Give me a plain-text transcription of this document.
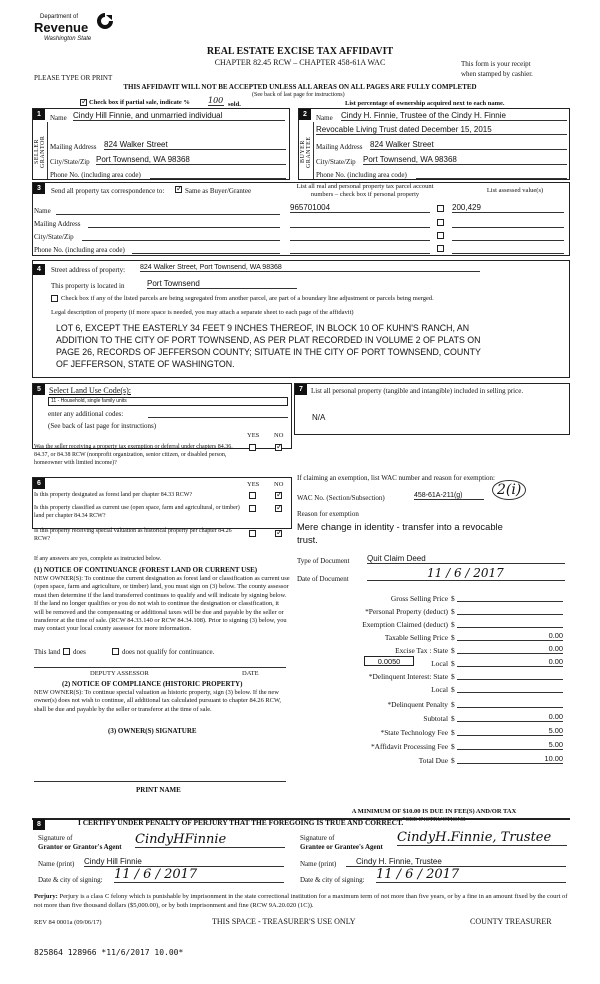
Department of
Revenue
Washington State
REAL ESTATE EXCISE TAX AFFIDAVIT
CHAPTER 82.45 RCW – CHAPTER 458-61A WAC
PLEASE TYPE OR PRINT
This form is your receipt
when stamped by cashier.
THIS AFFIDAVIT WILL NOT BE ACCEPTED UNLESS ALL AREAS ON ALL PAGES ARE FULLY COMPLETED
(See back of last page for instructions)
✓
Check box if partial sale, indicate % 100 sold.	List percentage of ownership acquired next to each name.
1	2
SELLER GRANTOR	BUYER GRANTEE
Name Cindy Hill Finnie, and unmarried individual
Mailing Address 824 Walker Street
City/State/Zip Port Townsend, WA 98368
Phone No. (including area code)
Name Cindy H. Finnie, Trustee of the Cindy H. Finnie
Revocable Living Trust dated December 15, 2015
Mailing Address 824 Walker Street
City/State/Zip Port Townsend, WA 98368
Phone No. (including area code)
3	Send all property tax correspondence to:
✓	Same as Buyer/Grantee
List all real and personal property tax parcel account
numbers – check box if personal property
List assessed value(s)
Name
Mailing Address
City/State/Zip
Phone No. (including area code)
965701004	200,429
4	Street address of property: 824 Walker Street, Port Townsend, WA 98368
This property is located in	Port Townsend
Check box if any of the listed parcels are being segregated from another parcel, are part of a boundary line adjustment or parcels being merged.
Legal description of property (if more space is needed, you may attach a separate sheet to each page of the affidavit)
LOT 6, EXCEPT THE EASTERLY 34 FEET 9 INCHES THEREOF, IN BLOCK 10 OF KUHN'S RANCH, AN
ADDITION TO THE CITY OF PORT TOWNSEND, AS PER PLAT RECORDED IN VOLUME 2 OF PLATS ON
PAGE 26, RECORDS OF JEFFERSON COUNTY; SITUATE IN THE CITY OF PORT TOWNSEND, COUNTY
OF JEFFERSON, STATE OF WASHINGTON.
5	Select Land Use Code(s):
11 - Household, single family units
enter any additional codes:
(See back of last page for instructions)
YES NO
Was the seller receiving a property tax exemption or deferral under chapters 84.36, 84.37, or 84.38 RCW (nonprofit organization, senior citizen, or disabled person, homeowner with limited income)?
✓
6	YES NO
Is this property designated as forest land per chapter 84.33 RCW?
✓
Is this property classified as current use (open space, farm and agricultural, or timber) land per chapter 84.34 RCW?
✓
Is this property receiving special valuation as historical property per chapter 84.26 RCW?
✓
If any answers are yes, complete as instructed below.
(1) NOTICE OF CONTINUANCE (FOREST LAND OR CURRENT USE)
NEW OWNER(S): To continue the current designation as forest land or classification as current use (open space, farm and agriculture, or timber) land, you must sign on (3) below. The county assessor must then determine if the land transferred continues to qualify and will indicate by signing below. If the land no longer qualifies or you do not wish to continue the designation or classification, it will be removed and the compensating or additional taxes will be due and payable by the seller or transferor at the time of sale. (RCW 84.33.140 or RCW 84.34.108). Prior to signing (3) below, you may contact your local county assessor for more information.
This land does	does not qualify for continuance.
DEPUTY ASSESSOR	DATE
(2) NOTICE OF COMPLIANCE (HISTORIC PROPERTY)
NEW OWNER(S): To continue special valuation as historic property, sign (3) below. If the new owner(s) does not wish to continue, all additional tax calculated pursuant to chapter 84.26 RCW, shall be due and payable by the seller or transferor at the time of sale.
(3) OWNER(S) SIGNATURE
PRINT NAME
7	List all personal property (tangible and intangible) included in selling price.
N/A
If claiming an exemption, list WAC number and reason for exemption:
WAC No. (Section/Subsection)	458-61A-211(g)	2(i)
Reason for exemption
Mere change in identity - transfer into a revocable
trust.
Type of Document Quit Claim Deed
Date of Document	11 / 6 / 2017
Gross Selling Price $
*Personal Property (deduct) $
Exemption Claimed (deduct) $
Taxable Selling Price $	0.00
Excise Tax : State $	0.00
Local $	0.00
0.0050
*Delinquent Interest: State $
Local $
*Delinquent Penalty $
Subtotal $	0.00
*State Technology Fee $	5.00
*Affidavit Processing Fee $	5.00
Total Due $	10.00
A MINIMUM OF $10.00 IS DUE IN FEE(S) AND/OR TAX
*SEE INSTRUCTIONS
8	I CERTIFY UNDER PENALTY OF PERJURY THAT THE FOREGOING IS TRUE AND CORRECT.
Signature of
Grantor or Grantor's Agent CindyHFinnie
Name (print) Cindy Hill Finnie
Date & city of signing: 11 / 6 / 2017
Signature of
Grantee or Grantee's Agent
CindyH.Finnie, Trustee
Name (print)	Cindy H. Finnie, Trustee
Date & city of signing: 11 / 6 / 2017
Perjury: Perjury is a class C felony which is punishable by imprisonment in the state correctional institution for a maximum term of not more than five years, or by a fine in an amount fixed by the court of not more than five thousand dollars ($5,000.00), or by both imprisonment and fine (RCW 9A.20.020 (1C)).
REV 84 0001a (09/06/17)	THIS SPACE - TREASURER'S USE ONLY	COUNTY TREASURER
825864 128966 *11/6/2017 10.00*
